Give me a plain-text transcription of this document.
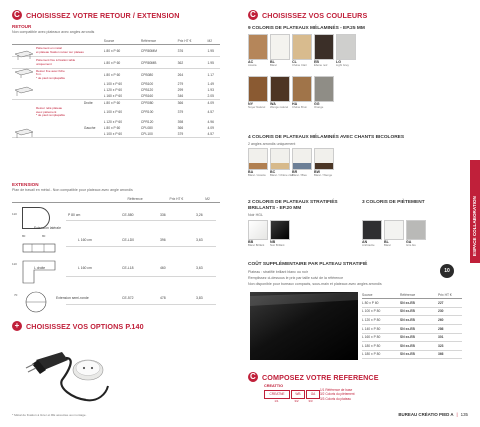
C CHOISISSEZ VOTRE RETOUR / EXTENSION
RETOUR
Non compatible avec plateaux avec angles arrondis
		Source	Référence	Prix HT €	M2

Piètement en métal
et plateau fixation retour sur plateau		L 80 x P 60	CPR80MM	376	1.95

Piètement fixe à fixation table
uniquement		L 80 x P 60	CPR80MB	362	1.95

Retour fixe avec fiche
6 m.
* de pied remplaçable		L 80 x P 60	CPB080	264	1.17

		L 100 x P 60	CPB100	279	1.49

		L 120 x P 60	CPB120	299	1.93

		L 160 x P 60	CPB160	346	2.05

	Droite	L 80 x P 60	CPR080	366	4.09

Retour relié plateau
avec piètement
* de pied remplaçable		L 100 x P 60	CPR100	379	4.57

		L 120 x P 60	CPR120	398	4.96

	Gauche	L 80 x P 60	CPL080	366	4.09

		L 100 x P 60	CPL100	379	4.57
EXTENSION
Plan de travail en métal - Non compatible pour plateaux avec angle arrondis
		Référence	Prix HT €	M2
110
80	80
110
70
P 80 cm	CE-580	336	3,26
Extension latérale
L 160 cm	CE-LD0	396	3,63
L droite	L 160 cm	CE-L18	460	3,63
Extension semi-ronde	CE-572	478	3,83
+ CHOISISSEZ VOS OPTIONS P.140
* Métal de fixation à livrer et RE associée au montage.
C CHOISISSEZ VOS COULEURS
9 COLORIS DE PLATEAUX MÉLAMINÉS - EP.25 MM
AC
Acacia
BL
Blanc
CL
Chêne Clair
EB
Ébène noir
LG
Light Grey
NY
Noyer Naturel
WA
Wenge naturel
HA
Chêne Brun
GG
Orange
4 COLORIS DE PLATEAUX MÉLAMINÉS AVEC CHANTS BICOLORES
2 angles arrondis uniquement
BA
Blanc / Acacia
BC
Blanc / Chêne clair
BR
Blanc / Bleu
BW
Blanc / Wenge
2 COLORIS DE PLATEAUX STRATIFIÉS BRILLANTS - EP.20 MM
Noir HGL
BB
Blanc Brillant
NB
Noir Brillant
3 COLORIS DE PIÈTEMENT
AN
Anthracite
BL
Blanc
GA
Gris Alu
COÛT SUPPLÉMENTAIRE PAR PLATEAU STRATIFIÉ
Plateau : stratifié brillant blanc ou noir
Remplissez ci-dessous le prix par taille suivi de la référence
Non disponible pour bureaux compacts, sous-main et plateaux avec angles arrondis
10
Source	Référence	Prix HT €
L 80 x P 60	SN xx-EB	227
L 100 x P 80	SN xx-EB	230
L 120 x P 80	SN xx-EB	260
L 140 x P 80	SN xx-EB	286
L 160 x P 80	SN xx-EB	301
L 180 x P 80	SN xx-EB	323
L 180 x P 80	SN xx-EB	366
C COMPOSEZ VOTRE REFERENCE
CREATTIO
CREATNE	WB	GA
1/1	3/2	3/3
1/1 Référence de base
3/2 Coloris du piètement
3/3 Coloris du plateau
BUREAU CRÉATIO PIED A | 135
ESPACE COLLABORATION
